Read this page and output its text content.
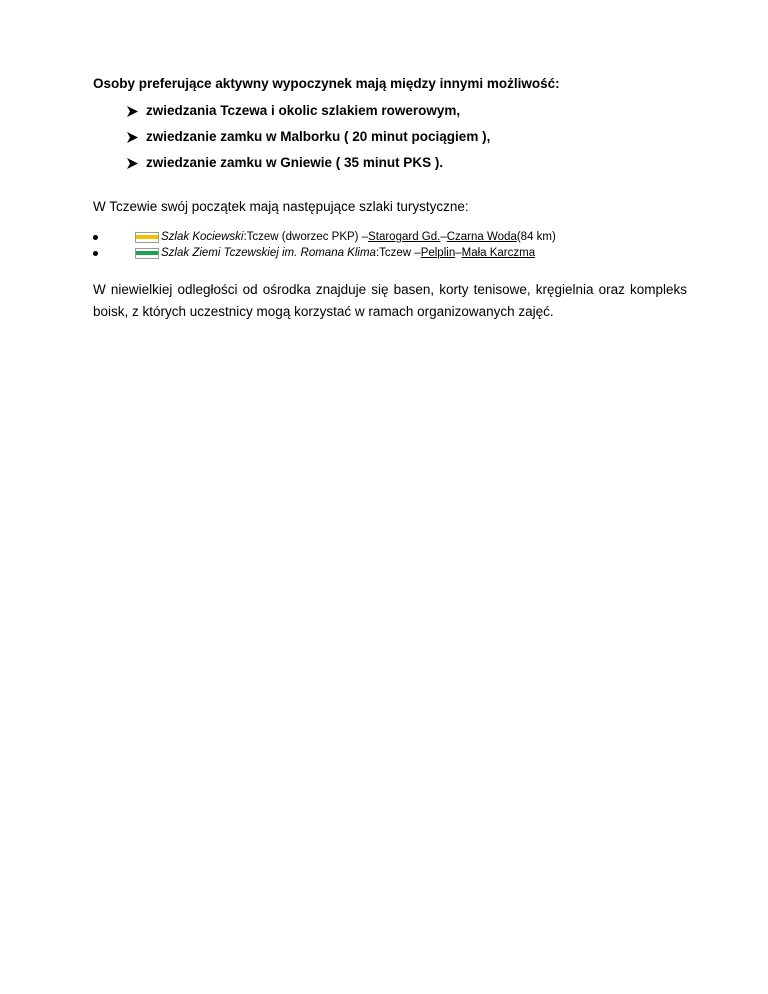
Osoby preferujące aktywny wypoczynek mają między innymi możliwość:
zwiedzania Tczewa i okolic szlakiem rowerowym,
zwiedzanie zamku w Malborku ( 20 minut pociągiem ),
zwiedzanie zamku w Gniewie ( 35 minut PKS ).
W Tczewie swój początek mają następujące szlaki turystyczne:
Szlak Kociewski : Tczew (dworzec PKP) – Starogard Gd. – Czarna Woda (84 km)
Szlak Ziemi Tczewskiej im. Romana Klima : Tczew – Pelplin – Mała Karczma

W niewielkiej odległości od ośrodka znajduje się basen, korty tenisowe, kręgielnia oraz kompleks boisk, z których uczestnicy mogą korzystać w ramach organizowanych zajęć.
